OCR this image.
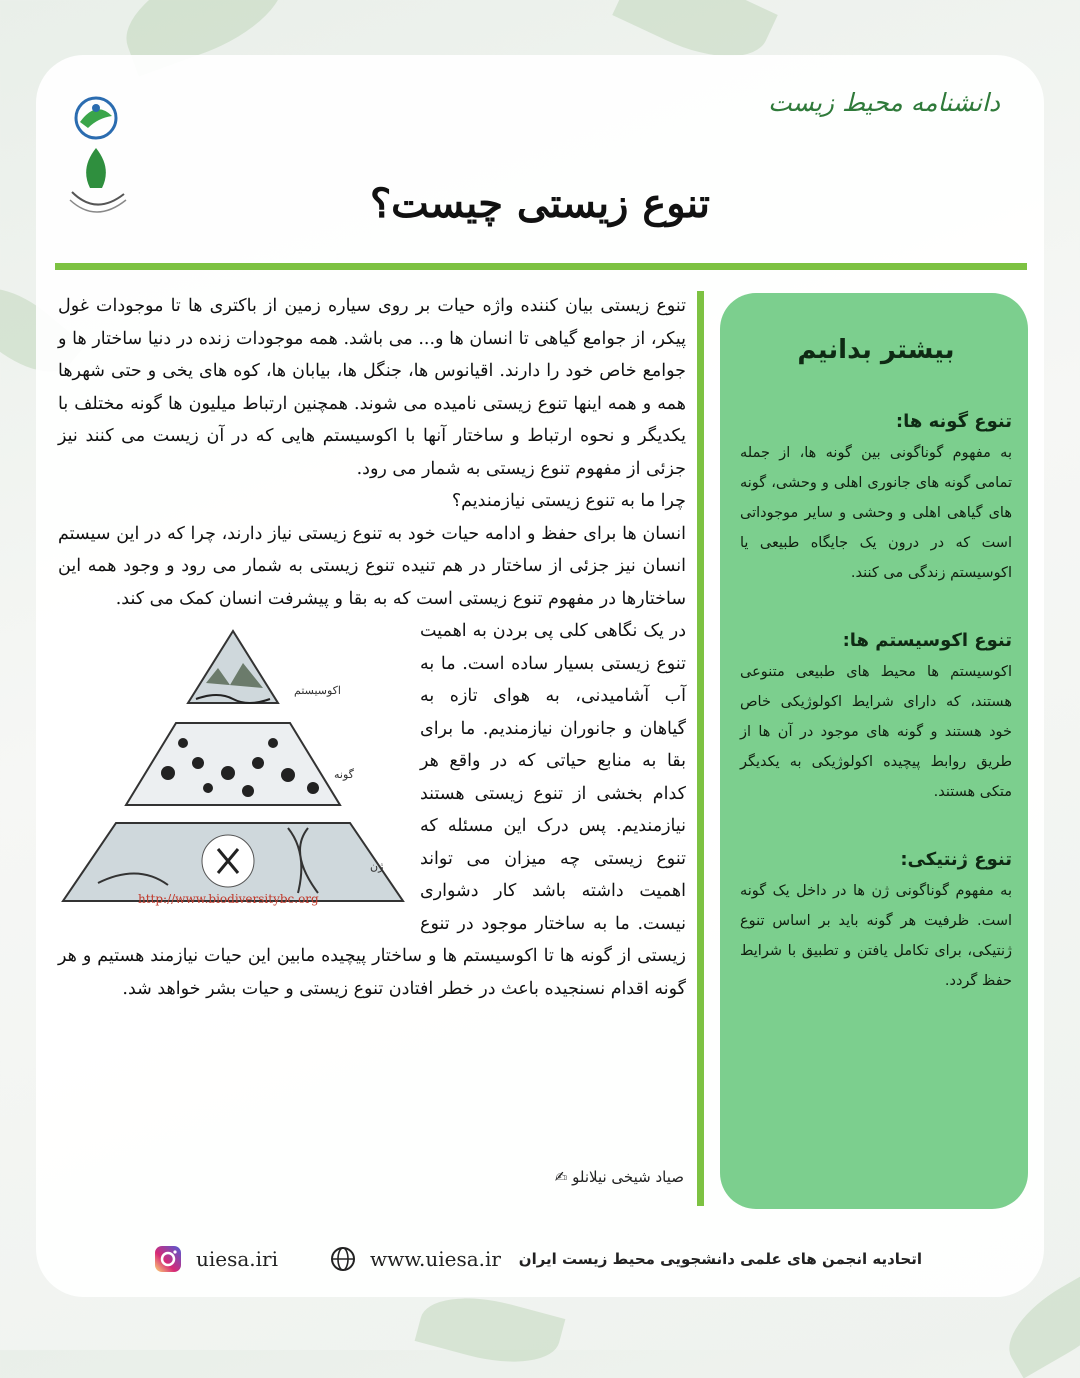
دانشنامه محیط زیست
تنوع زیستی چیست؟

تنوع زیستی بیان کننده واژه حیات بر روی سیاره زمین از باکتری ها تا موجودات غول پیکر، از جوامع گیاهی تا انسان ها و... می باشد. همه موجودات زنده در دنیا ساختار ها و جوامع خاص خود را دارند. اقیانوس ها، جنگل ها، بیابان ها، کوه های یخی و حتی شهرها همه و همه اینها تنوع زیستی نامیده می شوند. همچنین ارتباط میلیون ها گونه مختلف با یکدیگر و نحوه ارتباط و ساختار آنها با اکوسیستم هایی که در آن زیست می کنند نیز جزئی از مفهوم تنوع زیستی به شمار می رود.

چرا ما به تنوع زیستی نیازمندیم؟

انسان ها برای حفظ و ادامه حیات خود به تنوع زیستی نیاز دارند، چرا که در این سیستم انسان نیز جزئی از ساختار در هم تنیده تنوع زیستی به شمار می رود و وجود همه این ساختارها در مفهوم تنوع زیستی است که به بقا و پیشرفت انسان کمک می کند.

اکوسیستم
گونه
ژن
http://www.biodiversitybc.org

در یک نگاهی کلی پی بردن به اهمیت تنوع زیستی بسیار ساده است. ما به آب آشامیدنی، به هوای تازه به گیاهان و جانوران نیازمندیم. ما برای بقا به منابع حیاتی که در واقع هر کدام بخشی از تنوع زیستی هستند نیازمندیم. پس درک این مسئله که تنوع زیستی چه میزان می تواند اهمیت داشته باشد کار دشواری نیست. ما به ساختار موجود در تنوع زیستی از گونه ها تا اکوسیستم ها و ساختار پیچیده مابین این حیات نیازمند هستیم و هر گونه اقدام نسنجیده باعث در خطر افتادن تنوع زیستی و حیات بشر خواهد شد.

صیاد شیخی نیلانلو ✍
بیشتر بدانیم
تنوع گونه ها:

به مفهوم گوناگونی بین گونه ها، از جمله تمامی گونه های جانوری اهلی و وحشی، گونه های گیاهی اهلی و وحشی و سایر موجوداتی است که در درون یک جایگاه طبیعی یا اکوسیستم زندگی می کنند.

تنوع اکوسیستم ها:

اکوسیستم ها محیط های طبیعی متنوعی هستند، که دارای شرایط اکولوژیکی خاص خود هستند و گونه های موجود در آن ها از طریق روابط پیچیده اکولوژیکی به یکدیگر متکی هستند.

تنوع ژنتیکی:

به مفهوم گوناگونی ژن ها در داخل یک گونه است. ظرفیت هر گونه باید بر اساس تنوع ژنتیکی، برای تکامل یافتن و تطبیق با شرایط حفظ گردد.

اتحادیه انجمن های علمی دانشجویی محیط زیست ایران
www.uiesa.ir
uiesa.iri
